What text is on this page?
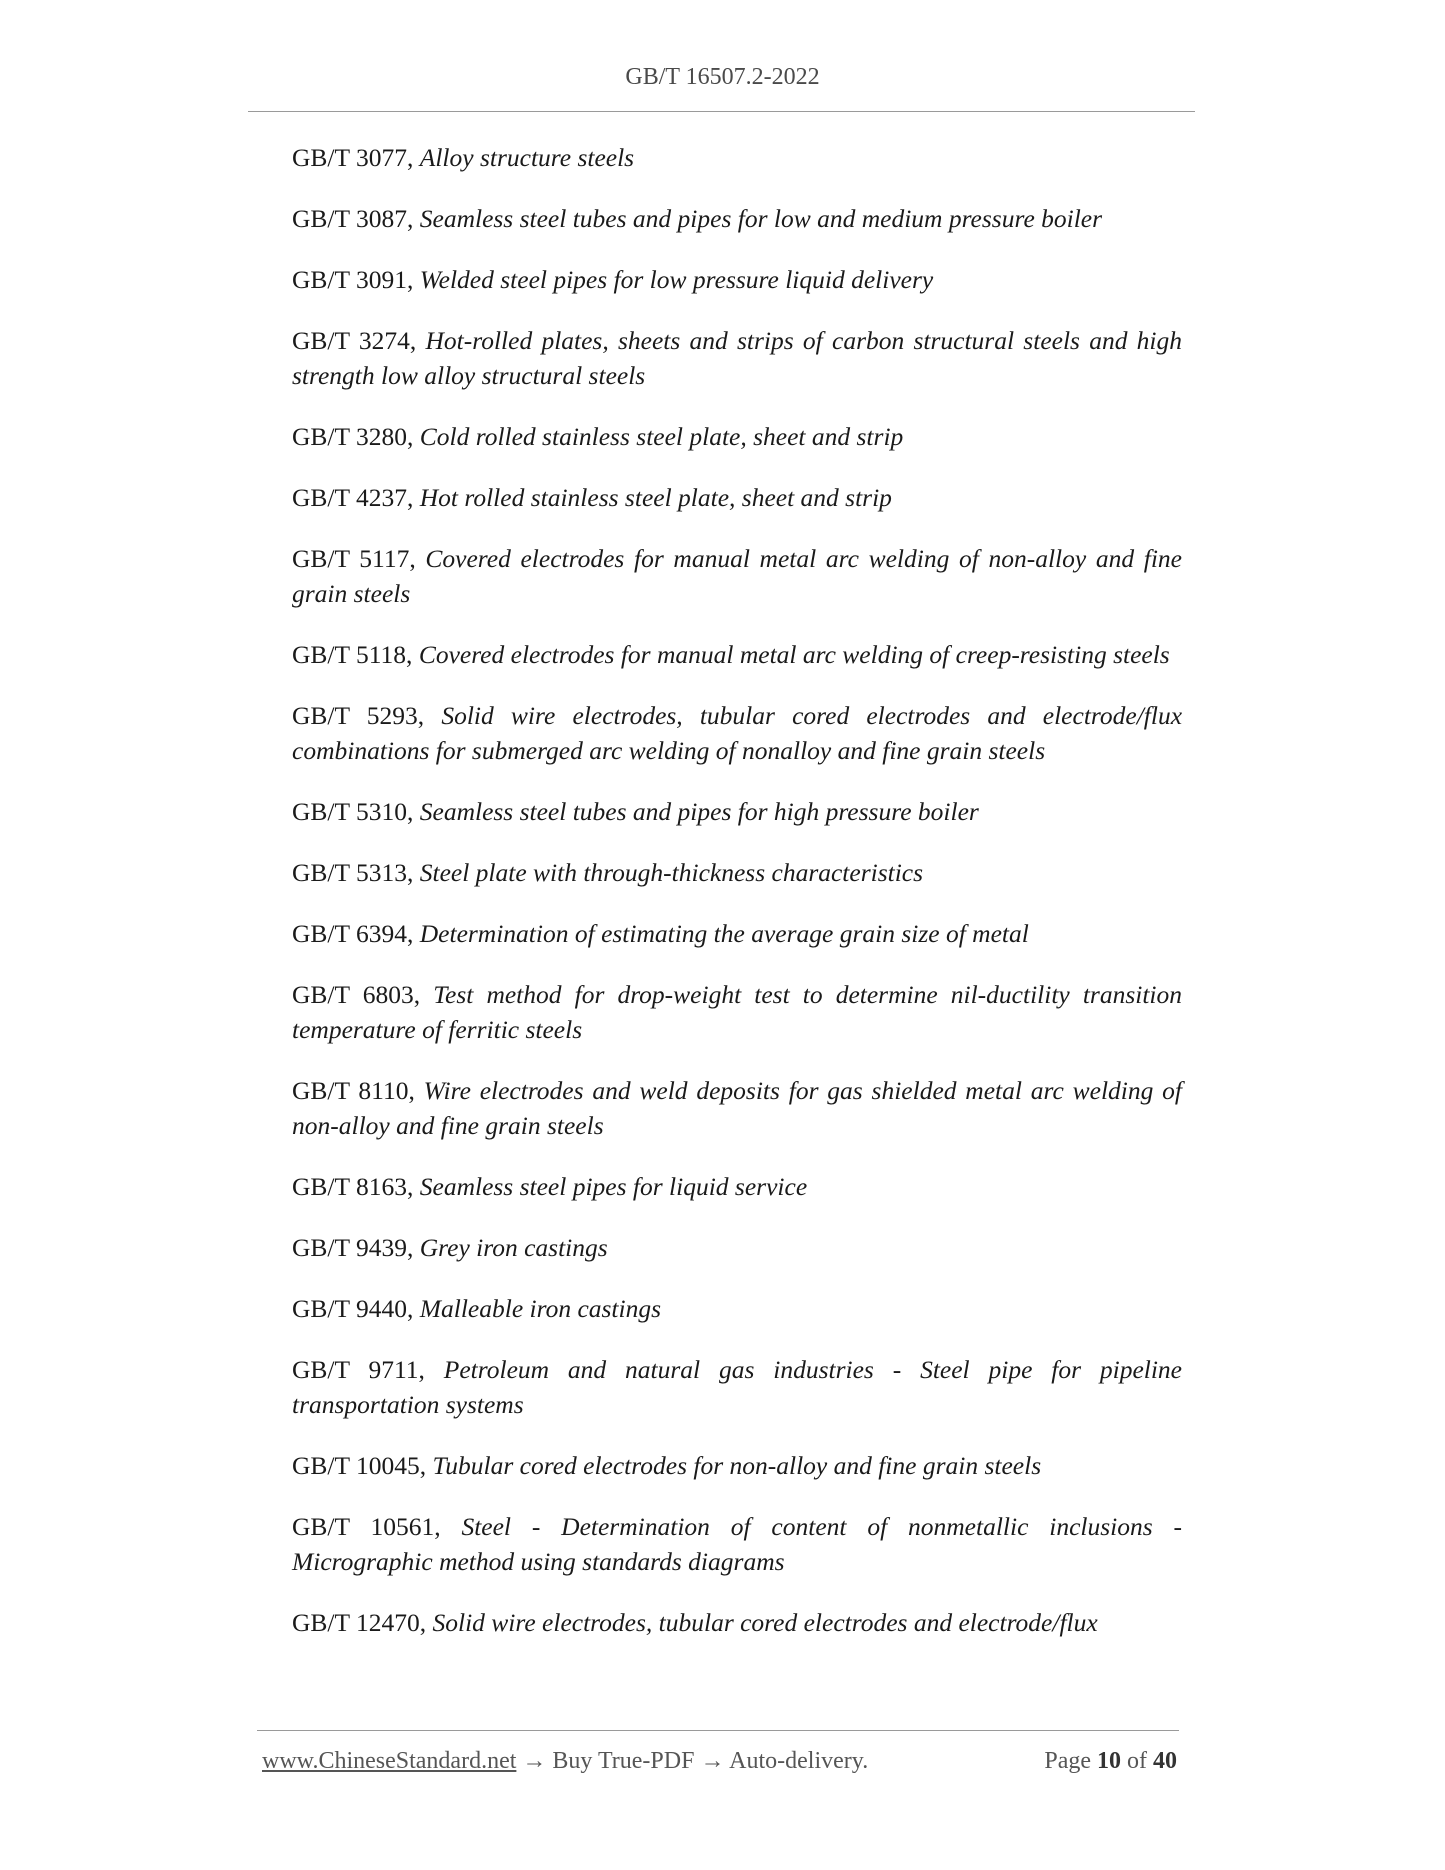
GB/T 16507.2-2022
GB/T 3077, Alloy structure steels
GB/T 3087, Seamless steel tubes and pipes for low and medium pressure boiler
GB/T 3091, Welded steel pipes for low pressure liquid delivery
GB/T 3274, Hot-rolled plates, sheets and strips of carbon structural steels and high strength low alloy structural steels
GB/T 3280, Cold rolled stainless steel plate, sheet and strip
GB/T 4237, Hot rolled stainless steel plate, sheet and strip
GB/T 5117, Covered electrodes for manual metal arc welding of non-alloy and fine grain steels
GB/T 5118, Covered electrodes for manual metal arc welding of creep-resisting steels
GB/T 5293, Solid wire electrodes, tubular cored electrodes and electrode/flux combinations for submerged arc welding of nonalloy and fine grain steels
GB/T 5310, Seamless steel tubes and pipes for high pressure boiler
GB/T 5313, Steel plate with through-thickness characteristics
GB/T 6394, Determination of estimating the average grain size of metal
GB/T 6803, Test method for drop-weight test to determine nil-ductility transition temperature of ferritic steels
GB/T 8110, Wire electrodes and weld deposits for gas shielded metal arc welding of non-alloy and fine grain steels
GB/T 8163, Seamless steel pipes for liquid service
GB/T 9439, Grey iron castings
GB/T 9440, Malleable iron castings
GB/T 9711, Petroleum and natural gas industries - Steel pipe for pipeline transportation systems
GB/T 10045, Tubular cored electrodes for non-alloy and fine grain steels
GB/T 10561, Steel - Determination of content of nonmetallic inclusions - Micrographic method using standards diagrams
GB/T 12470, Solid wire electrodes, tubular cored electrodes and electrode/flux
www.ChineseStandard.net → Buy True-PDF → Auto-delivery.	Page 10 of 40
